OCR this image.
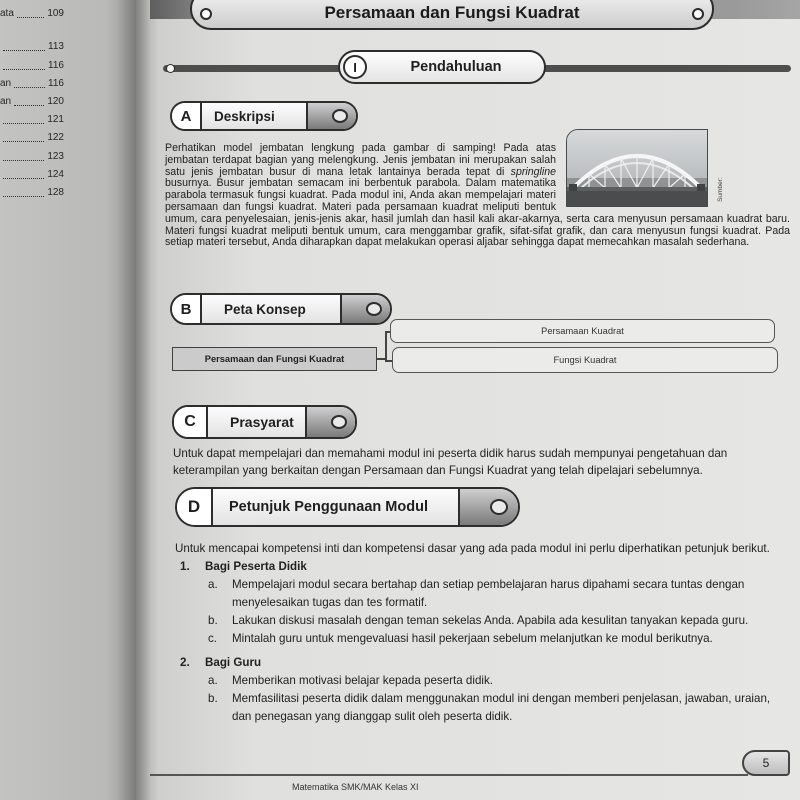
ata	109
113
116
an	116
an	120
121
122
123
124
128
Persamaan dan Fungsi Kuadrat
I	Pendahuluan
A	Deskripsi
Sumber:
Perhatikan model jembatan lengkung pada gambar di samping! Pada atas jembatan terdapat bagian yang melengkung. Jenis jembatan ini merupakan salah satu jenis jembatan busur di mana letak lantainya berada tepat di springline busurnya. Busur jembatan semacam ini berbentuk parabola. Dalam matematika parabola termasuk fungsi kuadrat. Pada modul ini, Anda akan mempelajari materi persamaan dan fungsi kuadrat. Materi pada persamaan kuadrat meliputi bentuk umum, cara penyelesaian, jenis-jenis akar, hasil jumlah dan hasil kali akar-akarnya, serta cara menyusun persamaan kuadrat baru. Materi fungsi kuadrat meliputi bentuk umum, cara menggambar grafik, sifat-sifat grafik, dan cara menyusun fungsi kuadrat. Pada setiap materi tersebut, Anda diharapkan dapat melakukan operasi aljabar sehingga dapat memecahkan masalah sederhana.
B	Peta Konsep
Persamaan dan Fungsi Kuadrat
Persamaan Kuadrat
Fungsi Kuadrat
C	Prasyarat
Untuk dapat mempelajari dan memahami modul ini peserta didik harus sudah mempunyai pengetahuan dan keterampilan yang berkaitan dengan Persamaan dan Fungsi Kuadrat yang telah dipelajari sebelumnya.
D	Petunjuk Penggunaan Modul

Untuk mencapai kompetensi inti dan kompetensi dasar yang ada pada modul ini perlu diperhatikan petunjuk berikut.

1. Bagi Peserta Didik
a. Mempelajari modul secara bertahap dan setiap pembelajaran harus dipahami secara tuntas dengan menyelesaikan tugas dan tes formatif.
b. Lakukan diskusi masalah dengan teman sekelas Anda. Apabila ada kesulitan tanyakan kepada guru.
c. Mintalah guru untuk mengevaluasi hasil pekerjaan sebelum melanjutkan ke modul berikutnya.
2. Bagi Guru
a. Memberikan motivasi belajar kepada peserta didik.
b. Memfasilitasi peserta didik dalam menggunakan modul ini dengan memberi penjelasan, jawaban, uraian, dan penegasan yang dianggap sulit oleh peserta didik.
5
Matematika SMK/MAK Kelas XI
